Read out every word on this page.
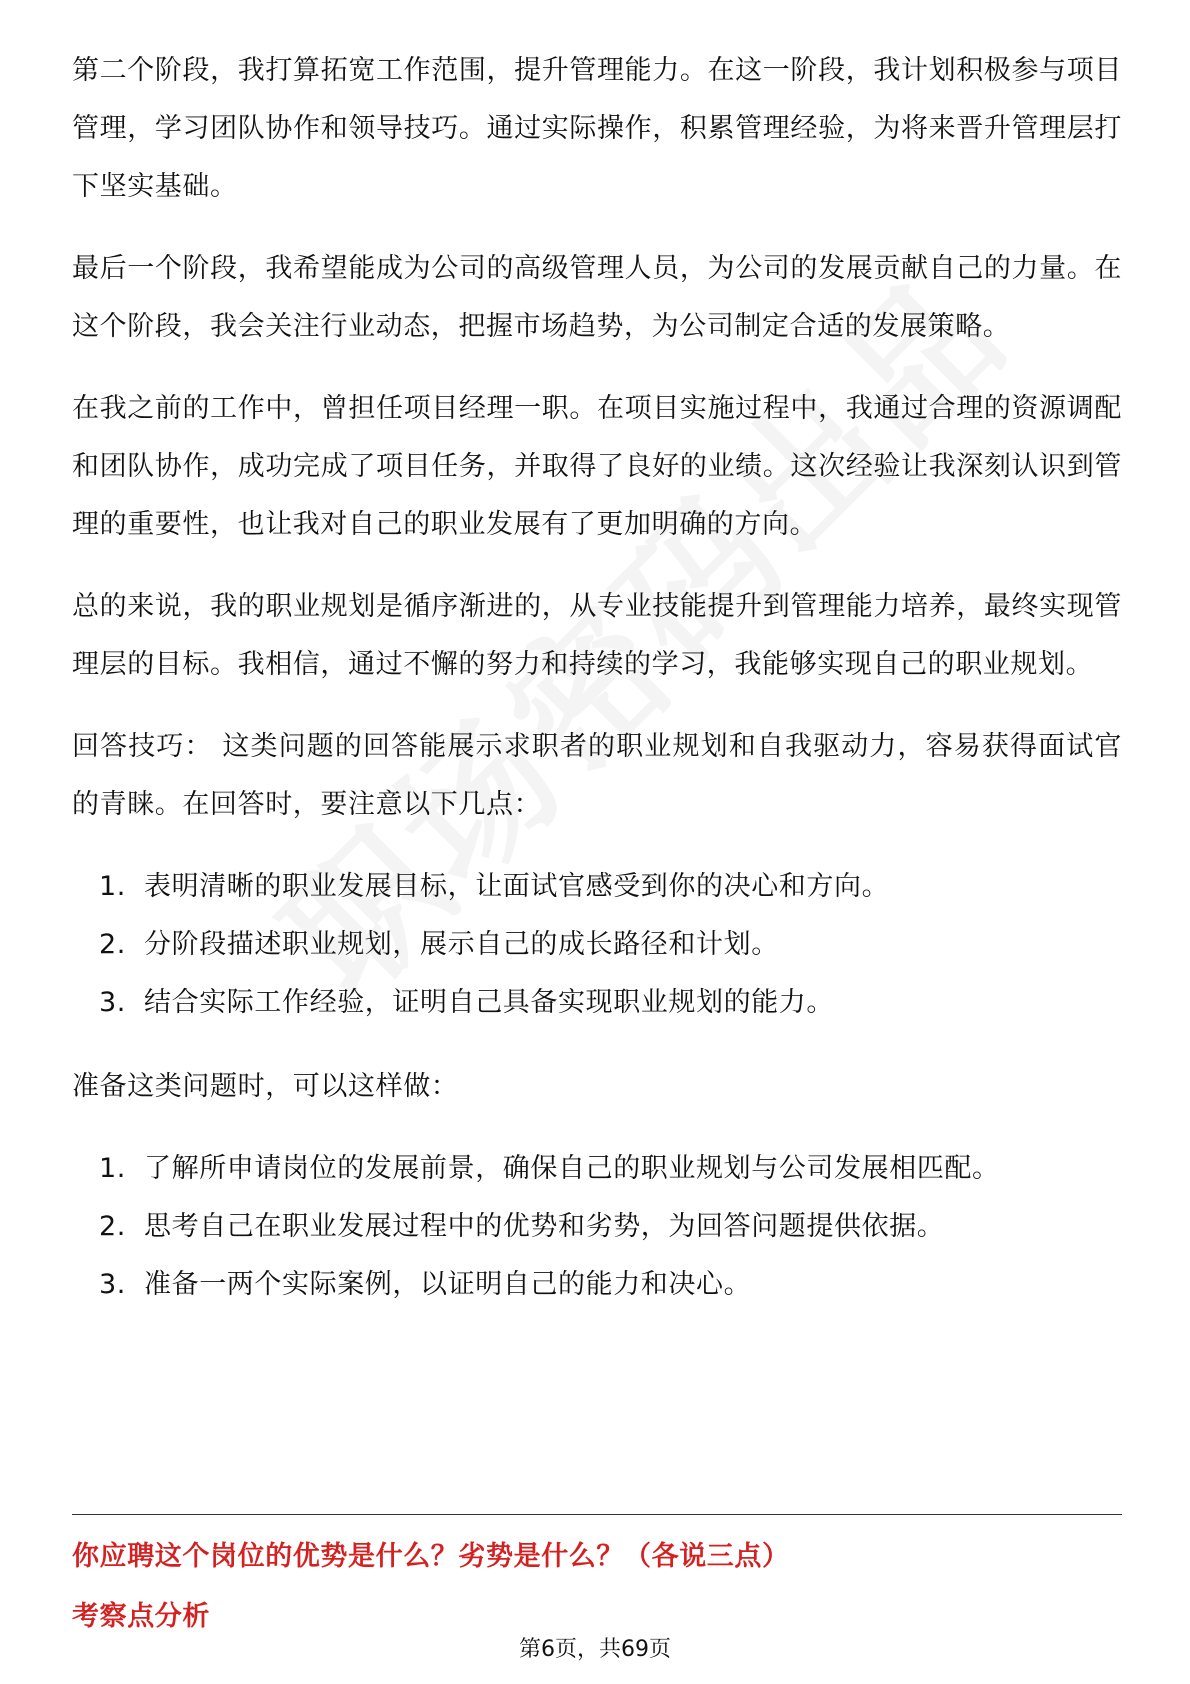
第二个阶段，我打算拓宽工作范围，提升管理能力。在这一阶段，我计划积极参与项目管理，学习团队协作和领导技巧。通过实际操作，积累管理经验，为将来晋升管理层打下坚实基础。

最后一个阶段，我希望能成为公司的高级管理人员，为公司的发展贡献自己的力量。在这个阶段，我会关注行业动态，把握市场趋势，为公司制定合适的发展策略。

在我之前的工作中，曾担任项目经理一职。在项目实施过程中，我通过合理的资源调配和团队协作，成功完成了项目任务，并取得了良好的业绩。这次经验让我深刻认识到管理的重要性，也让我对自己的职业发展有了更加明确的方向。

总的来说，我的职业规划是循序渐进的，从专业技能提升到管理能力培养，最终实现管理层的目标。我相信，通过不懈的努力和持续的学习，我能够实现自己的职业规划。

回答技巧： 这类问题的回答能展示求职者的职业规划和自我驱动力，容易获得面试官的青睐。在回答时，要注意以下几点：

1. 表明清晰的职业发展目标，让面试官感受到你的决心和方向。
2. 分阶段描述职业规划，展示自己的成长路径和计划。
3. 结合实际工作经验，证明自己具备实现职业规划的能力。

准备这类问题时，可以这样做：

1. 了解所申请岗位的发展前景，确保自己的职业规划与公司发展相匹配。
2. 思考自己在职业发展过程中的优势和劣势，为回答问题提供依据。
3. 准备一两个实际案例，以证明自己的能力和决心。
你应聘这个岗位的优势是什么？劣势是什么？（各说三点）
考察点分析
第6页，共69页
